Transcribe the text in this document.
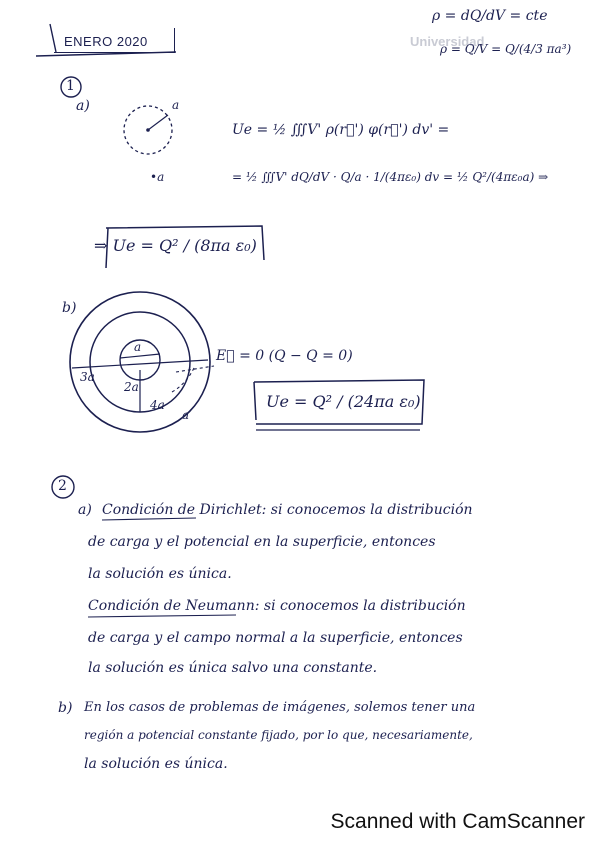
Universidad
ENERO 2020
ρ = dQ/dV = cte
ρ = Q/V = Q/(4/3 πa³)
1
a)	a
•a
Ue = ½ ∭V' ρ(r⃗') φ(r⃗') dv' =
= ½ ∭V' dQ/dV · Q/a · 1/(4πε₀) dv = ½ Q²/(4πε₀a) ⇒
⇒ Ue = Q² / (8πa ε₀)
b)
a
2a
3a
4a
a
E⃗ = 0 (Q − Q = 0)
Ue = Q² / (24πa ε₀)
2
a) Condición de Dirichlet: si conocemos la distribución
de carga y el potencial en la superficie, entonces
la solución es única.
Condición de Neumann: si conocemos la distribución
de carga y el campo normal a la superficie, entonces
la solución es única salvo una constante.
b) En los casos de problemas de imágenes, solemos tener una
región a potencial constante fijado, por lo que, necesariamente,
la solución es única.
Scanned with CamScanner
